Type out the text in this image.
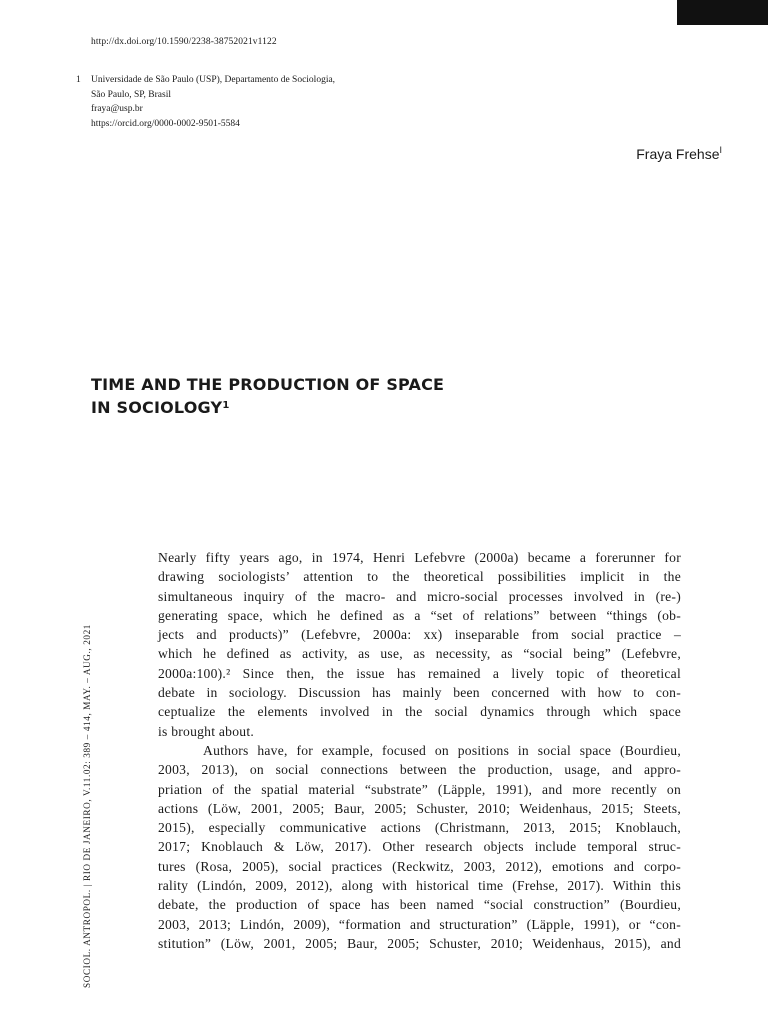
http://dx.doi.org/10.1590/2238-38752021v1122
1 Universidade de São Paulo (USP), Departamento de Sociologia,
São Paulo, SP, Brasil
fraya@usp.br
https://orcid.org/0000-0002-9501-5584
Fraya Frehse$^I$
TIME AND THE PRODUCTION OF SPACE
IN SOCIOLOGY$^1$
Nearly fifty years ago, in 1974, Henri Lefebvre (2000a) became a forerunner for
drawing sociologists’ attention to the theoretical possibilities implicit in the
simultaneous inquiry of the macro- and micro-social processes involved in (re-)
generating space, which he defined as a “set of relations” between “things (ob-
jects and products)” (Lefebvre, 2000a: xx) inseparable from social practice –
which he defined as activity, as use, as necessity, as “social being” (Lefebvre,
2000a:100).² Since then, the issue has remained a lively topic of theoretical
debate in sociology. Discussion has mainly been concerned with how to con-
ceptualize the elements involved in the social dynamics through which space
is brought about.
Authors have, for example, focused on positions in social space (Bourdieu,
2003, 2013), on social connections between the production, usage, and appro-
priation of the spatial material “substrate” (Läpple, 1991), and more recently on
actions (Löw, 2001, 2005; Baur, 2005; Schuster, 2010; Weidenhaus, 2015; Steets,
2015), especially communicative actions (Christmann, 2013, 2015; Knoblauch,
2017; Knoblauch & Löw, 2017). Other research objects include temporal struc-
tures (Rosa, 2005), social practices (Reckwitz, 2003, 2012), emotions and corpo-
rality (Lindón, 2009, 2012), along with historical time (Frehse, 2017). Within this
debate, the production of space has been named “social construction” (Bourdieu,
2003, 2013; Lindón, 2009), “formation and structuration” (Läpple, 1991), or “con-
stitution” (Löw, 2001, 2005; Baur, 2005; Schuster, 2010; Weidenhaus, 2015), and
SOCIOL. ANTROPOL. | RIO DE JANEIRO, V.11.02: 389 – 414, MAY. – AUG., 2021
